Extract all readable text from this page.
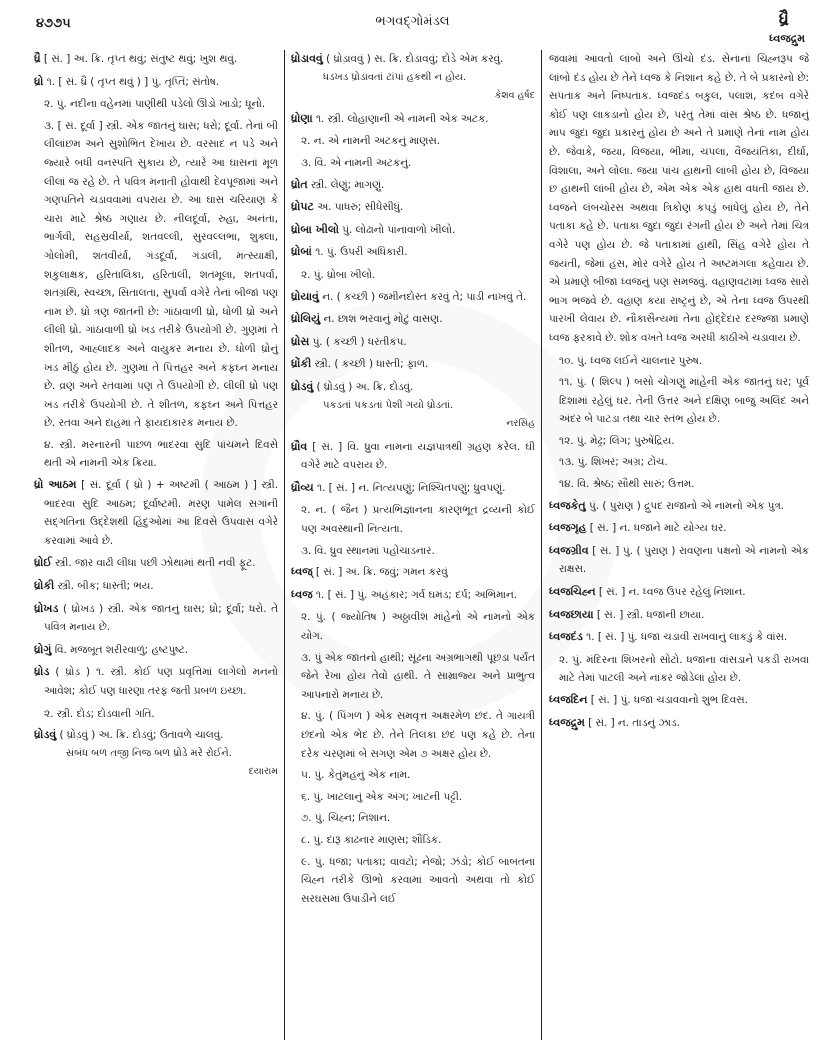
૪૭૭૫	ભગવદ્ગોમંડલ	ધ્રૈ
ધ્વજદ્રુમ
ધ્રૈ [ સં. ] અ. ક્રિ. તૃપ્ત થવું; સંતુષ્ટ થવું; ખુશ થવું.
ધ્રો ૧. [ સં. ધ્રૈ ( તૃપ્ત થવું ) ] પું. તૃપ્તિ; સંતોષ.
૨. પું. નદીના વહેનમાં પાણીથી પડેલો ઊંડો ખાડો; ધૂનો.
૩. [ સં. દૂર્વા ] સ્ત્રી. એક જાતનું ઘાસ; ધરો; દૂર્વા. તેનાં બી લીલાંછમ અને સુશોભિત દેખાય છે. વરસાદ ન પડે અને જ્યારે બધી વનસ્પતિ સુકાય છે, ત્યારે આ ઘાસનાં મૂળ લીલાં જ રહે છે. તે પવિત્ર મનાતી હોવાથી દેવપૂજામાં અને ગણપતિને ચડાવવામાં વપરાય છે. આ ઘાસ ચરિયાણ કે ચારા માટે શ્રેષ્ઠ ગણાય છે. નીલદૂર્વા, રુહા, અનંતા, ભાર્ગવી, સહસ્રવીર્યા, શતવલ્લી, સુરવલ્લભા, શુક્લા, ગોલોમી, શતવીર્યા, ગંડદૂર્વા, ગંડાલી, મત્સ્યાક્ષી, શકુલાક્ષક, હરિતાલિકા, હરિતાલી, શતમૂલા, શતપર્વા, શતગ્રંથિ, સ્વચ્છા, સિતાલતા, સુપર્વા વગેરે તેનાં બીજાં પણ નામ છે. ધ્રો ત્રણ જાતની છે: ગાંઠાવાળી ધ્રો, ધોળી ધ્રો અને લીલી ધ્રો. ગાંઠાવાળી ધ્રો ખડ તરીકે ઉપયોગી છે. ગુણમાં તે શીતળ, આહ્લાદક અને વાયુકર મનાય છે. ધોળી ધ્રોનું ખડ મીઠું હોય છે. ગુણમાં તે પિત્તહર અને કફઘ્ન મનાય છે. વ્રણ અને રતવામાં પણ તે ઉપયોગી છે. લીલી ધ્રો પણ ખડ તરીકે ઉપયોગી છે. તે શીતળ, કફઘ્ન અને પિત્તહર છે. રતવા અને દાહમાં તે ફાયદાકારક મનાય છે.
૪. સ્ત્રી. મરનારની પાછળ ભાદરવા સુદિ પાંચમને દિવસે થતી એ નામની એક ક્રિયા.
ધ્રો આઠમ [ સં. દૂર્વા ( ધ્રો ) + અષ્ટમી ( આઠમ ) ] સ્ત્રી. ભાદરવા સુદિ આઠમ; દૂર્વાષ્ટમી. મરણ પામેલ સગાંની સદ્ગતિના ઉદ્દેશથી હિંદુઓમાં આ દિવસે ઉપવાસ વગેરે કરવામાં આવે છે.
ધ્રોઈ સ્ત્રી. જાર વાઢી લીધા પછી ઝોથામાં થતી નવી ફૂટ.
ધ્રોકી સ્ત્રી. બીક; ધાસ્તી; ભય.
ધ્રોખડ ( ધ્રોખડ ) સ્ત્રી. એક જાતનું ઘાસ; ધ્રો; દૂર્વા; ધરો. તે પવિત્ર મનાય છે.
ધ્રોગું વિ. મજબૂત શરીરવાળું; હષ્ટપુષ્ટ.
ધ્રોડ ( ધ્રોડ઼ ) ૧. સ્ત્રી. કોઈ પણ પ્રવૃત્તિમાં લાગેલો મનનો આવેશ; કોઈ પણ ધારણા તરફ જતી પ્રબળ ઇચ્છા.
૨. સ્ત્રી. દોડ; દોડવાની ગતિ.
ધ્રોડવું ( ધ્રોડ઼વું ) અ. ક્રિ. દોડવું; ઉતાવળે ચાલવું.
સંબંધ બળ તજી નિજ બળ ધ્રોડે મરે રોઈને.
દયારામ
ધ્રોડાવવું ( ધ્રોડ઼ાવવું ) સ. ક્રિ. દોડાવવું; દોડે એમ કરવું.
ધડખડ ધ્રોડાવતાં ટાંપાં હકથી ન હોય.
કેશવ હર્ષદ
ધ્રોણા ૧. સ્ત્રી. લોહાણાની એ નામની એક અટક.
૨. ન. એ નામની અટકનું માણસ.
૩. વિ. એ નામની અટકનું.
ધ્રોત સ્ત્રી. લેણું; માગણું.
ધ્રોપટ અ. પાધરું; સીધેસીધું.
ધ્રોબા ખીલો પું. લોઢાનો પાનાવાળો ખીલો.
ધ્રોબાં ૧. પું. ઉપરી અધિકારી.
૨. પું. ધ્રોબા ખીલો.
ધ્રોયાવું ન. ( કચ્છી ) જમીનદોસ્ત કરવું તે; પાડી નાખવું તે.
ધ્રોલિયું ન. છાશ ભરવાનું મોટું વાસણ.
ધ્રોસ પું. ( કચ્છી ) ધરતીકંપ.
ધ્રોંકી સ્ત્રી. ( કચ્છી ) ધાસ્તી; ફાળ.
ધ્રોડવું ( ધ્રોડવું ) અ. ક્રિ. દોડવું.
પકડતાં પકડતાં પેશી ગયો ધ્રોડતાં.
નરસિંહ
ધ્રૌવ [ સં. ] વિ. ધ્રુવા નામના યજ્ઞપાત્રથી ગ્રહણ કરેલ. ઘી વગેરે માટે વપરાય છે.
ધ્રૌવ્ય ૧. [ સં. ] ન. નિત્યપણું; નિશ્ચિતપણું; ધ્રુવપણું.
૨. ન. ( જૈન ) પ્રત્યભિજ્ઞાનના કારણભૂત દ્રવ્યની કોઈ પણ અવસ્થાની નિત્યતા.
૩. વિ. ધ્રુવ સ્થાનમાં પહોંચાડનાર.
ધ્વજ્ [ સં. ] અ. ક્રિ. જવું; ગમન કરવું
ધ્વજ ૧. [ સં. ] પું. અહંકાર; ગર્વ ઘમંડ; દર્પ; અભિમાન.
૨. પું. ( જ્યોતિષ ) અઠ્ઠાવીશ માંહેનો એ નામનો એક યોગ.
૩. પું એક જાતનો હાથી; સૂંઢના અગ્રભાગથી પૂછડા પર્યંત જેને રેખા હોય તેવો હાથી. તે સામ્રાજ્ય અને પ્રાભુત્વ આપનારો મનાય છે.
૪. પું. ( પિંગળ ) એક સમવૃત્ત અક્ષરમેળ છંદ. તે ગાયત્રી છંદનો એક ભેદ છે. તેને તિલકા છંદ પણ કહે છે. તેના દરેક ચરણમાં બે સગણ એમ ૭ અક્ષર હોય છે.
૫. પું. કેતુમહનું એક નામ.
૬. પું. ખાટલાનું એક અંગ; ખાટની પટ્ટી.
૭. પું. ચિહ્ન; નિશાન.
૮. પું. દારૂ કાઢનાર માણસ; શૌંડિક.
૯. પું. ધજા; પતાકા; વાવટો; નેજો; ઝંડો; કોઈ બાબતના ચિહ્ન તરીકે ઊભો કરવામાં આવતો અથવા તો કોઈ સરઘસમાં ઉપાડીને લઈ
જવામાં આવતો લાંબો અને ઊંચો દંડ. સેનાનાં ચિહ્નરૂપ જે લાંબો દંડ હોય છે તેને ધ્વજ કે નિશાન કહે છે. તે બે પ્રકારનો છે: સપતાક અને નિષ્પતાક. ધ્વજદંડ બકુલ, પલાશ, કદંબ વગેરે કોઈ પણ લાકડાનો હોય છે, પરંતુ તેમાં વાંસ શ્રેષ્ઠ છે. ધજાનું માપ જુદા જુદા પ્રકારનું હોય છે અને તે પ્રમાણે તેનાં નામ હોય છે. જેવાકે, જયા, વિજયા, ભીમા, ચપલા, વૈજયંતિકા, દીર્ઘા, વિશાલા, અને લોલા. જયા પાંચ હાથની લાંબી હોય છે, વિજયા છ હાથની લાંબી હોય છે, એમ એક એક હાથ વધતી જાય છે. ધ્વજને લંબચોરસ અથવા ત્રિકોણ કપડું બાંધેલું હોય છે, તેને પતાકા કહે છે. પતાકા જુદા જુદા રંગની હોય છે અને તેમાં ચિત્ર વગેરે પણ હોય છે. જે પતાકામાં હાથી, સિંહ વગેરે હોય તે જયંતી, જેમાં હંસ, મોર વગેરે હોય તે અષ્ટમંગલા કહેવાય છે. એ પ્રમાણે બીજા ધ્વજનું પણ સમજવું. વહાણવટામાં ધ્વજ સારો ભાગ ભજવે છે. વહાણ કયા રાષ્ટ્રનું છે, એ તેના ધ્વજ ઉપરથી પારખી લેવાય છે. નૌકાસૈન્યમાં તેના હોદ્દેદાર દરજ્જા પ્રમાણે ધ્વજ ફરકાવે છે. શોક વખતે ધ્વજ અરધી કાઠીએ ચડાવાય છે.
૧૦. પું. ધ્વજ લઈને ચાલનાર પુરુષ.
૧૧. પું. ( શિલ્પ ) બસો ચોગણું માંહેની એક જાતનું ઘર; પૂર્વ દિશામાં રહેલું ઘર. તેની ઉત્તર અને દક્ષિણ બાજુ અલિંદ અને અંદર બે પાટડા તથા ચાર સ્તંભ હોય છે.
૧૨. પું. મેઢ્ર; લિંગ; પુરુષેંદ્રિય.
૧૩. પું. શિખર; અગ્ર; ટોચ.
૧૪. વિ. શ્રેષ્ઠ; સૌથી સારું; ઉત્તમ.
ધ્વજકેતુ પું. ( પુરાણ ) દ્રુપદ રાજાનો એ નામનો એક પુત્ર.
ધ્વજગૃહ [ સં. ] ન. ધજાને માટે યોગ્ય ઘર.
ધ્વજગ્રીવ [ સં. ] પું. ( પુરાણ ) રાવણના પક્ષનો એ નામનો એક રાક્ષસ.
ધ્વજચિહ્ન [ સં. ] ન. ધ્વજ ઉપર રહેલું નિશાન.
ધ્વજછાયા [ સં. ] સ્ત્રી. ધજાની છાયા.
ધ્વજદંડ ૧. [ સં. ] પું. ધજા ચડાવી રાખવાનું લાકડું કે વાંસ.
૨. પું. મંદિરના શિખરનો સોટો. ધજાના વાંસડાને પકડી રાખવા માટે તેમાં પાટલી અને નાકર જોડેલાં હોય છે.
ધ્વજદિન [ સં. ] પું. ધજા ચડાવવાનો શુભ દિવસ.
ધ્વજદ્રુમ [ સં. ] ન. તાડનું ઝાડ.
